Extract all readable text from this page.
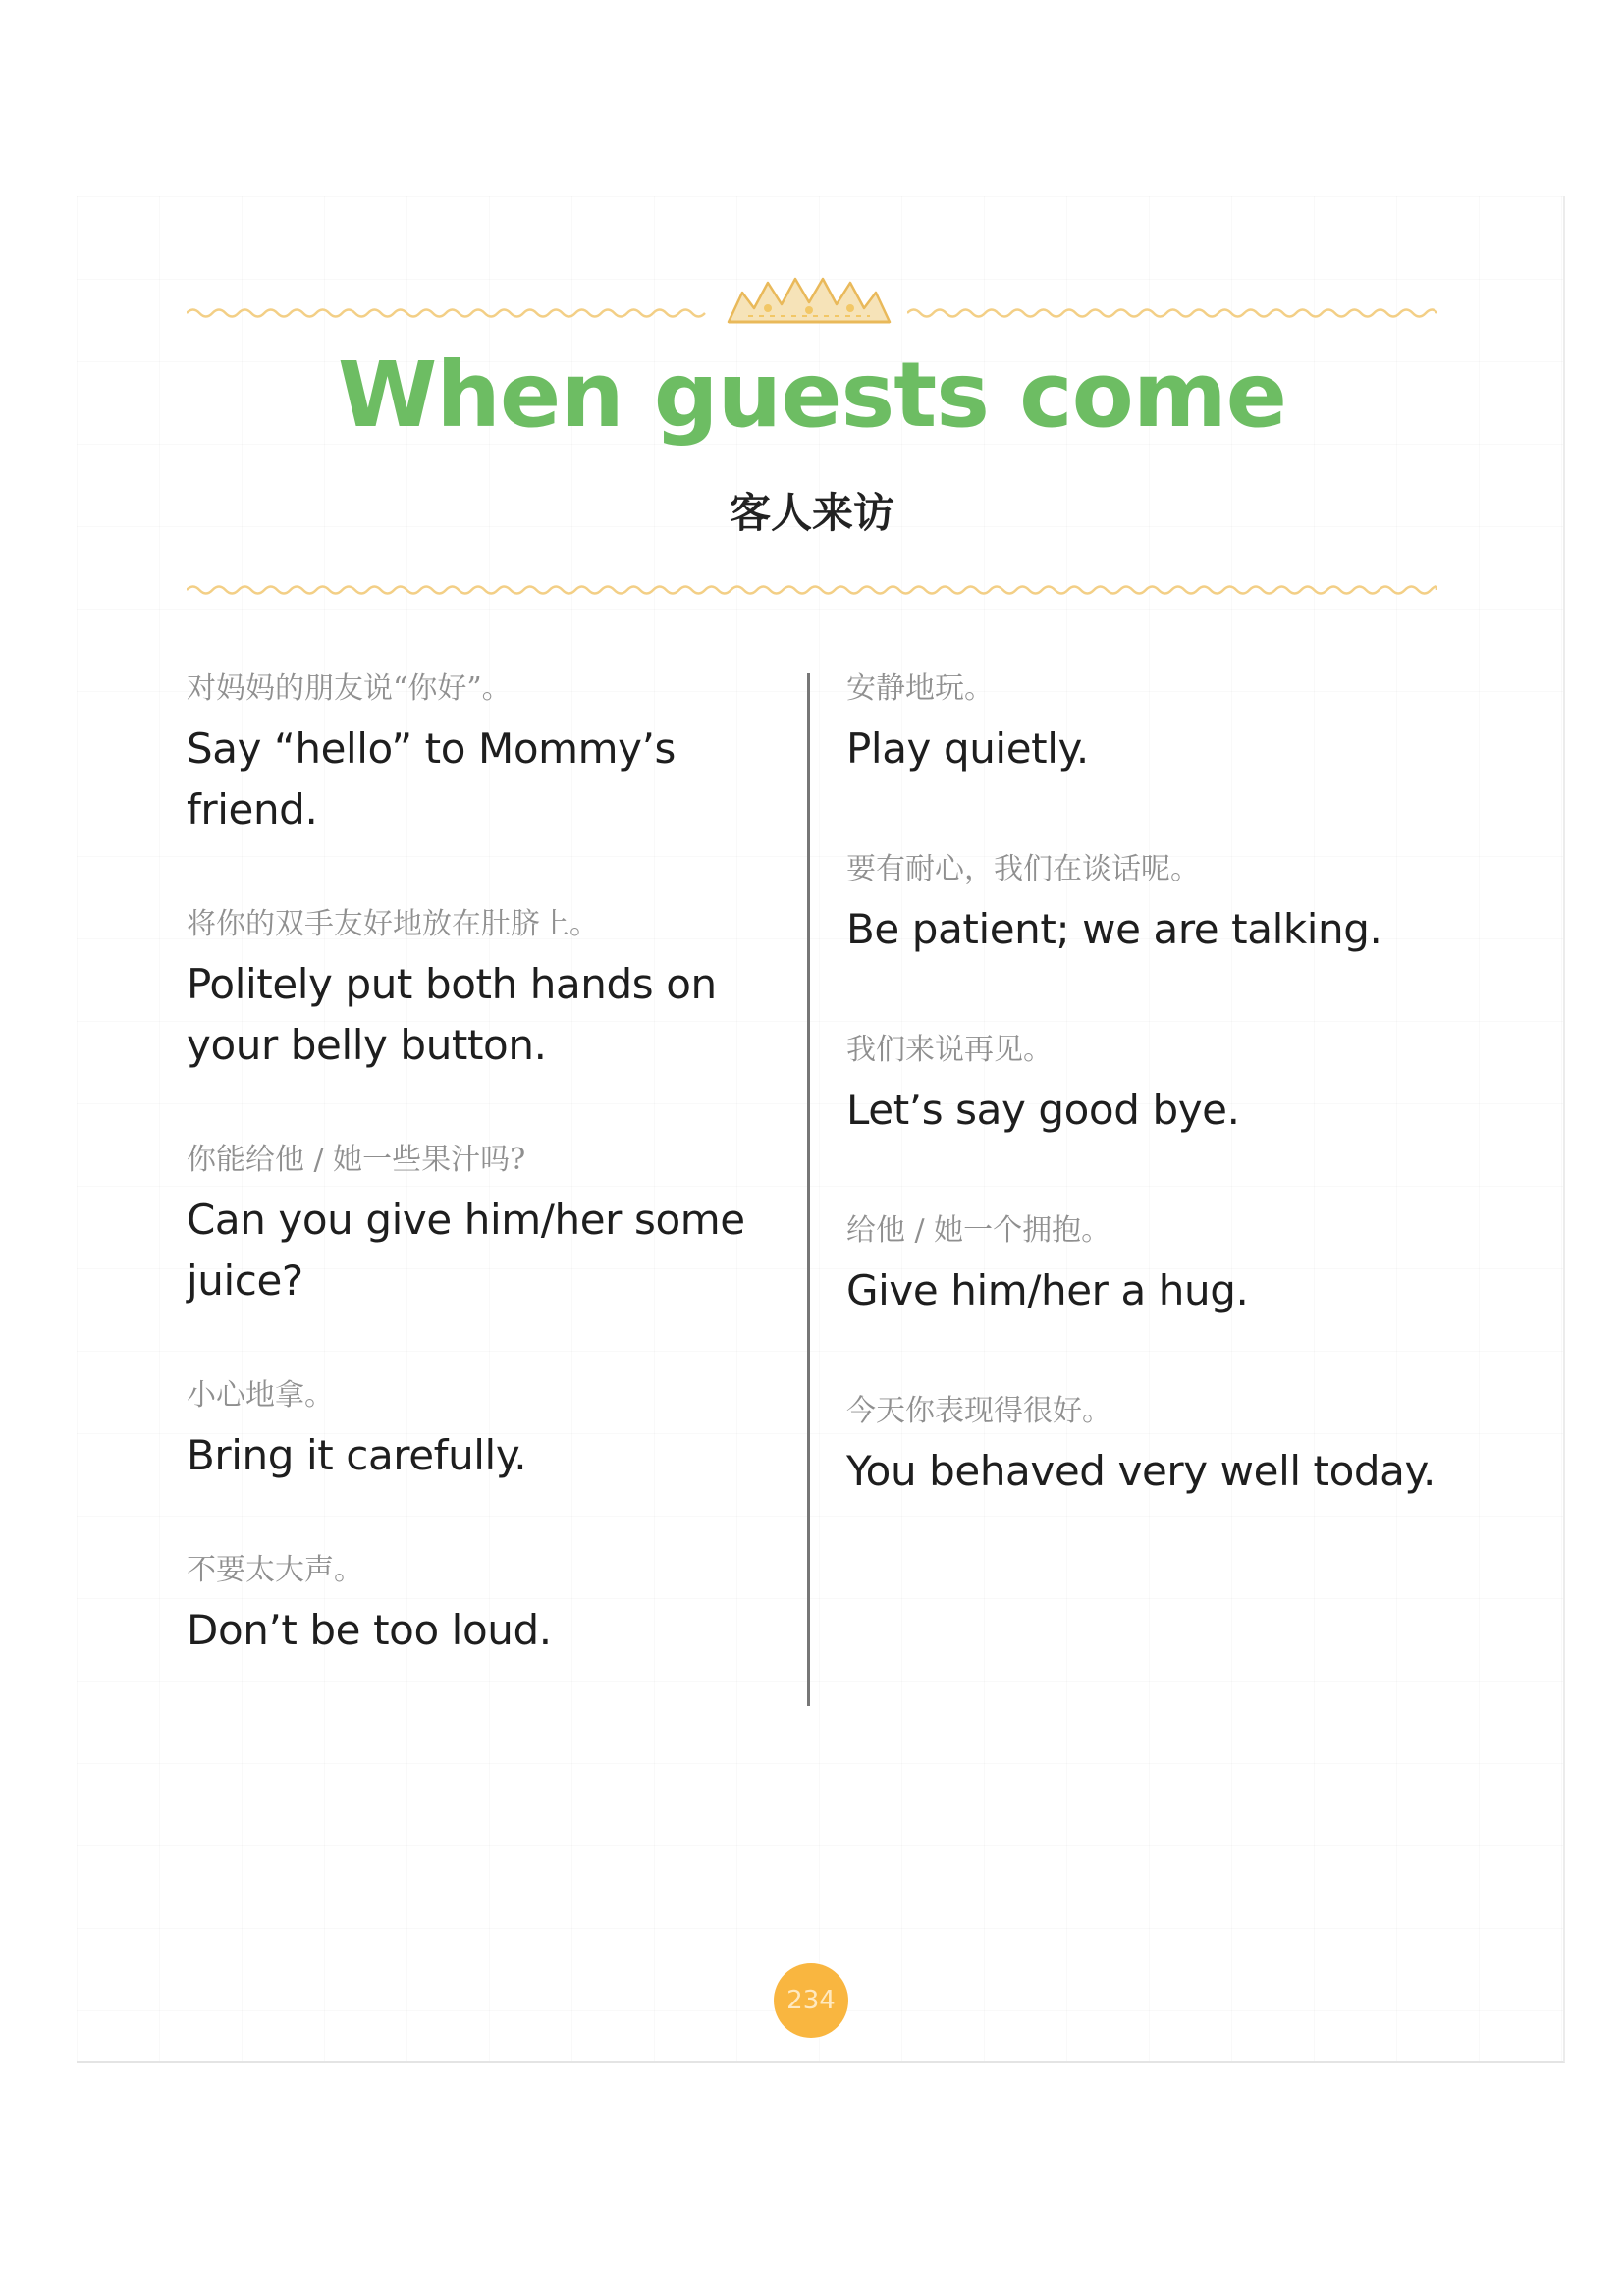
When guests come
客人来访
对妈妈的朋友说“你好”。
Say “hello” to Mommy’s friend.
将你的双手友好地放在肚脐上。
Politely put both hands on your belly button.
你能给他 / 她一些果汁吗?
Can you give him/her some juice?
小心地拿。
Bring it carefully.
不要太大声。
Don’t be too loud.
安静地玩。
Play quietly.
要有耐心，我们在谈话呢。
Be patient; we are talking.
我们来说再见。
Let’s say good bye.
给他 / 她一个拥抱。
Give him/her a hug.
今天你表现得很好。
You behaved very well today.
234
